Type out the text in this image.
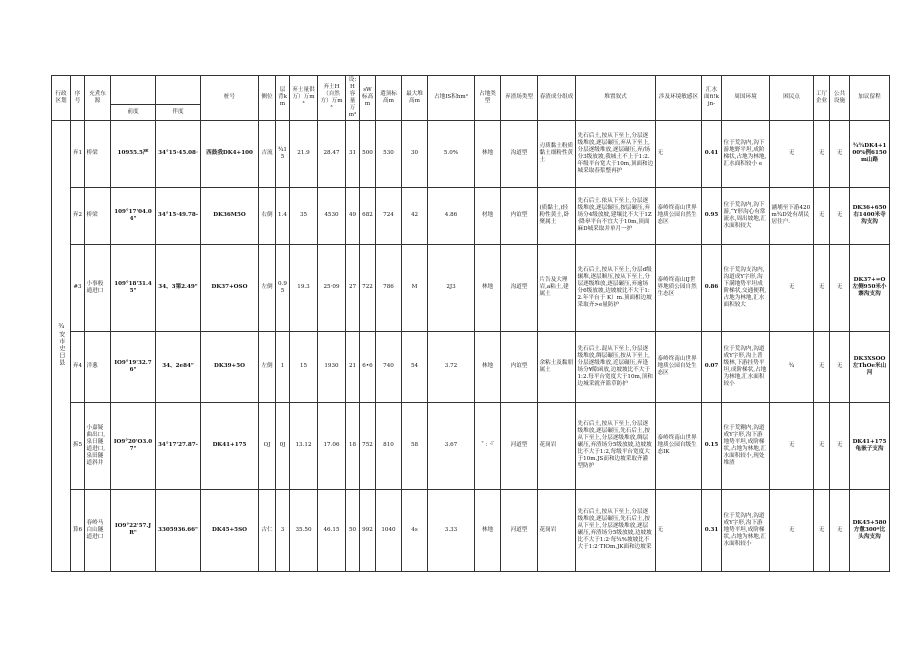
行政区划	序号	充煮东源			桩号	侧位	层背km	弃土量供万）万m³	弃土H（自然方）万m³	设:H容量万m³	sW标高m	遣顶标高m	最大堆高m	占地IS积hm²	占地类型	弃渣场类型	春渣成分组成	堆置叙式	涉及环境敏感区	汇水面fi!kjn-	周国环境	困民点	工厅企业	公共设施	加议留程
			前度	伴度																					
¾安市史曰县	弃1	桥梁	10955.5严	34°15·45.08·	西鼓我DK4+100	吉流	¾15	21.9	28.47	31	500	530	30	5.0%	林地	沟道型	刃质黏土粉质黏土细粉性黄土	先石后土,按从下至上,分层逐级堆放,逐层碾压,弃从下至上,分层逐级堆放,逐层碾压,弃/场分3级放坡,我城土不上于1:2.年级平台宽大于10m,顶面和边城采取春浆整再护	无	0.41	位于荒沟内,沟下游地野平坦,成阶梯状,占地为林地,汇水面积较小 e	无	无	无	¾¾DK4+100%例6150m山路
	弃2	桥梁	109°17'04.04"	34°15·49.78-	DK36M5O	右倒	1.4	35	4530	49	682	724	42	4.86	材地	内谊型	(质黏土,)轻粉性黄土,卧聚属土	先石后土.依从下至上,分层逐级堆放,逐层辗压,按层碾压,弃场分4级放坡,建壤比不大于1Z·降皋平台不宜大于10m,顶面麻D城采取并单月一护	泰岭终南山世界地质公园自然生态区	0.95	位于荒沟内,沟下游,“Y形沟心有常流水,周出坡地,汇水面积较大	涵埔至下游420m¾D处有胡民居住户.	无	无	DK36+650右1400米寺沟支沟
	#3	小事般通进口	109°18'31.45"	34、3第2.49"	DK37+OSO	左倒	0.95	19.3	25·09	27	722	786	M	2J3	林地	沟道型	片告及大理岩,a粘土,建属土	先石后土,按从下至上,分层d级辗堆,逐层顺压,按从下至上,分层逐级堆放,逐层碾压,弃逾场分6级放坡,边坡坡比不大于1:2.年平台于 K）m.顶面相边坡采取齐>e量防护	泰岭终南山IJ世界地质公园自然生态区	0.86	位于荒沟支沟内,沟道成Y字形,沟下满地势平坦成阶梯状,交通便利,占地为林地,汇水面积较大	无	无	无	DK37+=O左侧950米小寨沟支沟
	弃4	洋葱	IO9°19'32.76"	34、2e84"	DK39+5O	左倒	1	15	1930	21	6•6	740	54	3.72	林地	内谊型	余粘土及黏朋属土	先石后土.混从下至上,分层逐级堆放,绸层碾压,按从下至上,分层逐级堆放,近层碾压,弃逢场分¥隙函放,边坡坡比不大于1:2.每平台宽度大于10m,顶和边城采就齐篮草防护	泰岭终南山世界地质公园自处生态区	0.07	位于荒沟内,沟道成Y字形,沟上普级林,下游挂势平坦,成阶梯状,占地为林地,汇水面积较小	¾	无	无	DK3XSOO左ThOe米山河
	拆5	小嘉疑曲出口,泉日隧道进口,泉田隧道斜井	IO9°20'O3.07"	34°17'27.87-	DK41+175	OJ	0J	13.12	17.06	18	752	810	58	3.67	˚ : ·『	河道型	花岗岩	先石后土,按从下至上,分层逐级堆放,逐层碾压,先石后土,按从下至上,分层逐级堆放,绸层碾压,弃渣场分5级放坡,边坡坡比不大于1:2,每级平台宽度大于10m.JS而和边坡采取齐灌型防护	泰岭终南山世界地质公园自级生态IK	0.15	位于荒翱内,沟道成Y字形,沟下游地势平坦,成阶梯状,占地为林地,汇水面积较小,现处堆渣	无	无	无	DK41+175龟嵌子支沟
	算6	春岭马白山隧道进口	IO9°22'57.JR"	3305936.66"	DK45+5SO	古仁	3	35.50	46.15	50	992	1040	4s	3.33	林地	河道型	花岗岩	先石后土,按从下至上,分层逐级堆放,逐层碾压,先石后土,按从下至上,分层逐级堆放,逐层碾压,弃渣场分5级放坡,边坡坡比不大于1:2·每¾%坡坡比不大于1:2·TIOm.JK面和边坡采	无	0.31	位于荒沟内,沟道成Y字形,沟下游地势平坦,成阶梯状,占地为林地,汇水面积较小	无	无	无	DK45+580方惫300*比头沟支沟
